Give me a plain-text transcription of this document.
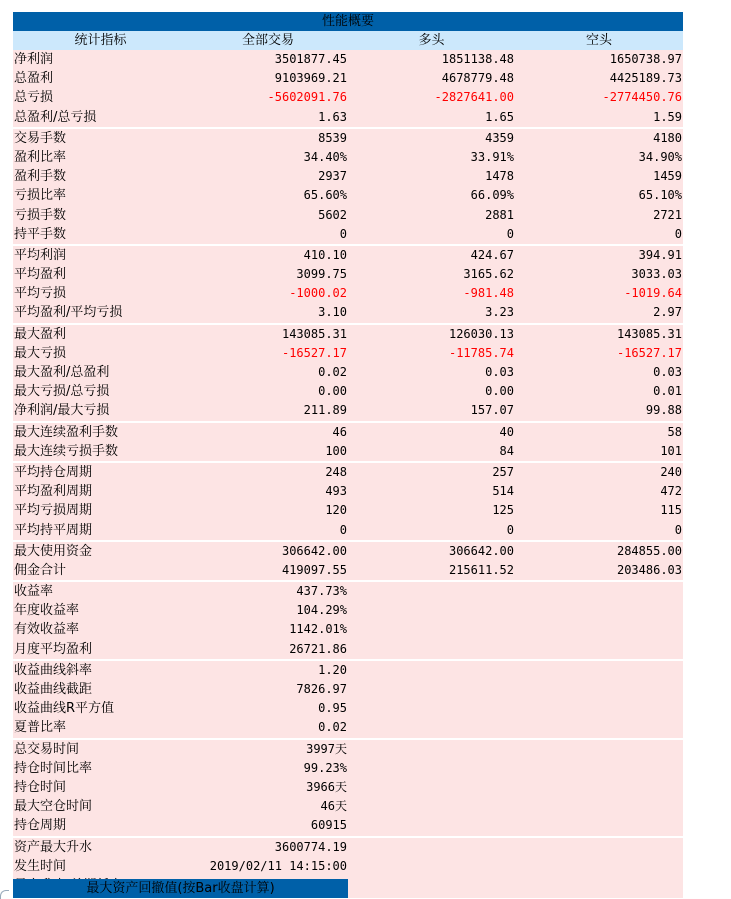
性能概要
统计指标	全部交易	多头	空头
净利润	3501877.45	1851138.48	1650738.97
总盈利	9103969.21	4678779.48	4425189.73
总亏损	-5602091.76	-2827641.00	-2774450.76
总盈利/总亏损	1.63	1.65	1.59
交易手数	8539	4359	4180
盈利比率	34.40%	33.91%	34.90%
盈利手数	2937	1478	1459
亏损比率	65.60%	66.09%	65.10%
亏损手数	5602	2881	2721
持平手数	0	0	0
平均利润	410.10	424.67	394.91
平均盈利	3099.75	3165.62	3033.03
平均亏损	-1000.02	-981.48	-1019.64
平均盈利/平均亏损	3.10	3.23	2.97
最大盈利	143085.31	126030.13	143085.31
最大亏损	-16527.17	-11785.74	-16527.17
最大盈利/总盈利	0.02	0.03	0.03
最大亏损/总亏损	0.00	0.00	0.01
净利润/最大亏损	211.89	157.07	99.88
最大连续盈利手数	46	40	58
最大连续亏损手数	100	84	101
平均持仓周期	248	257	240
平均盈利周期	493	514	472
平均亏损周期	120	125	115
平均持平周期	0	0	0
最大使用资金	306642.00	306642.00	284855.00
佣金合计	419097.55	215611.52	203486.03
收益率	437.73%
年度收益率	104.29%
有效收益率	1142.01%
月度平均盈利	26721.86
收益曲线斜率	1.20
收益曲线截距	7826.97
收益曲线R平方值	0.95
夏普比率	0.02
总交易时间	3997天
持仓时间比率	99.23%
持仓时间	3966天
最大空仓时间	46天
持仓周期	60915
资产最大升水	3600774.19
发生时间	2019/02/11 14:15:00
最大资产回撤值(按Bar收盘计算)
